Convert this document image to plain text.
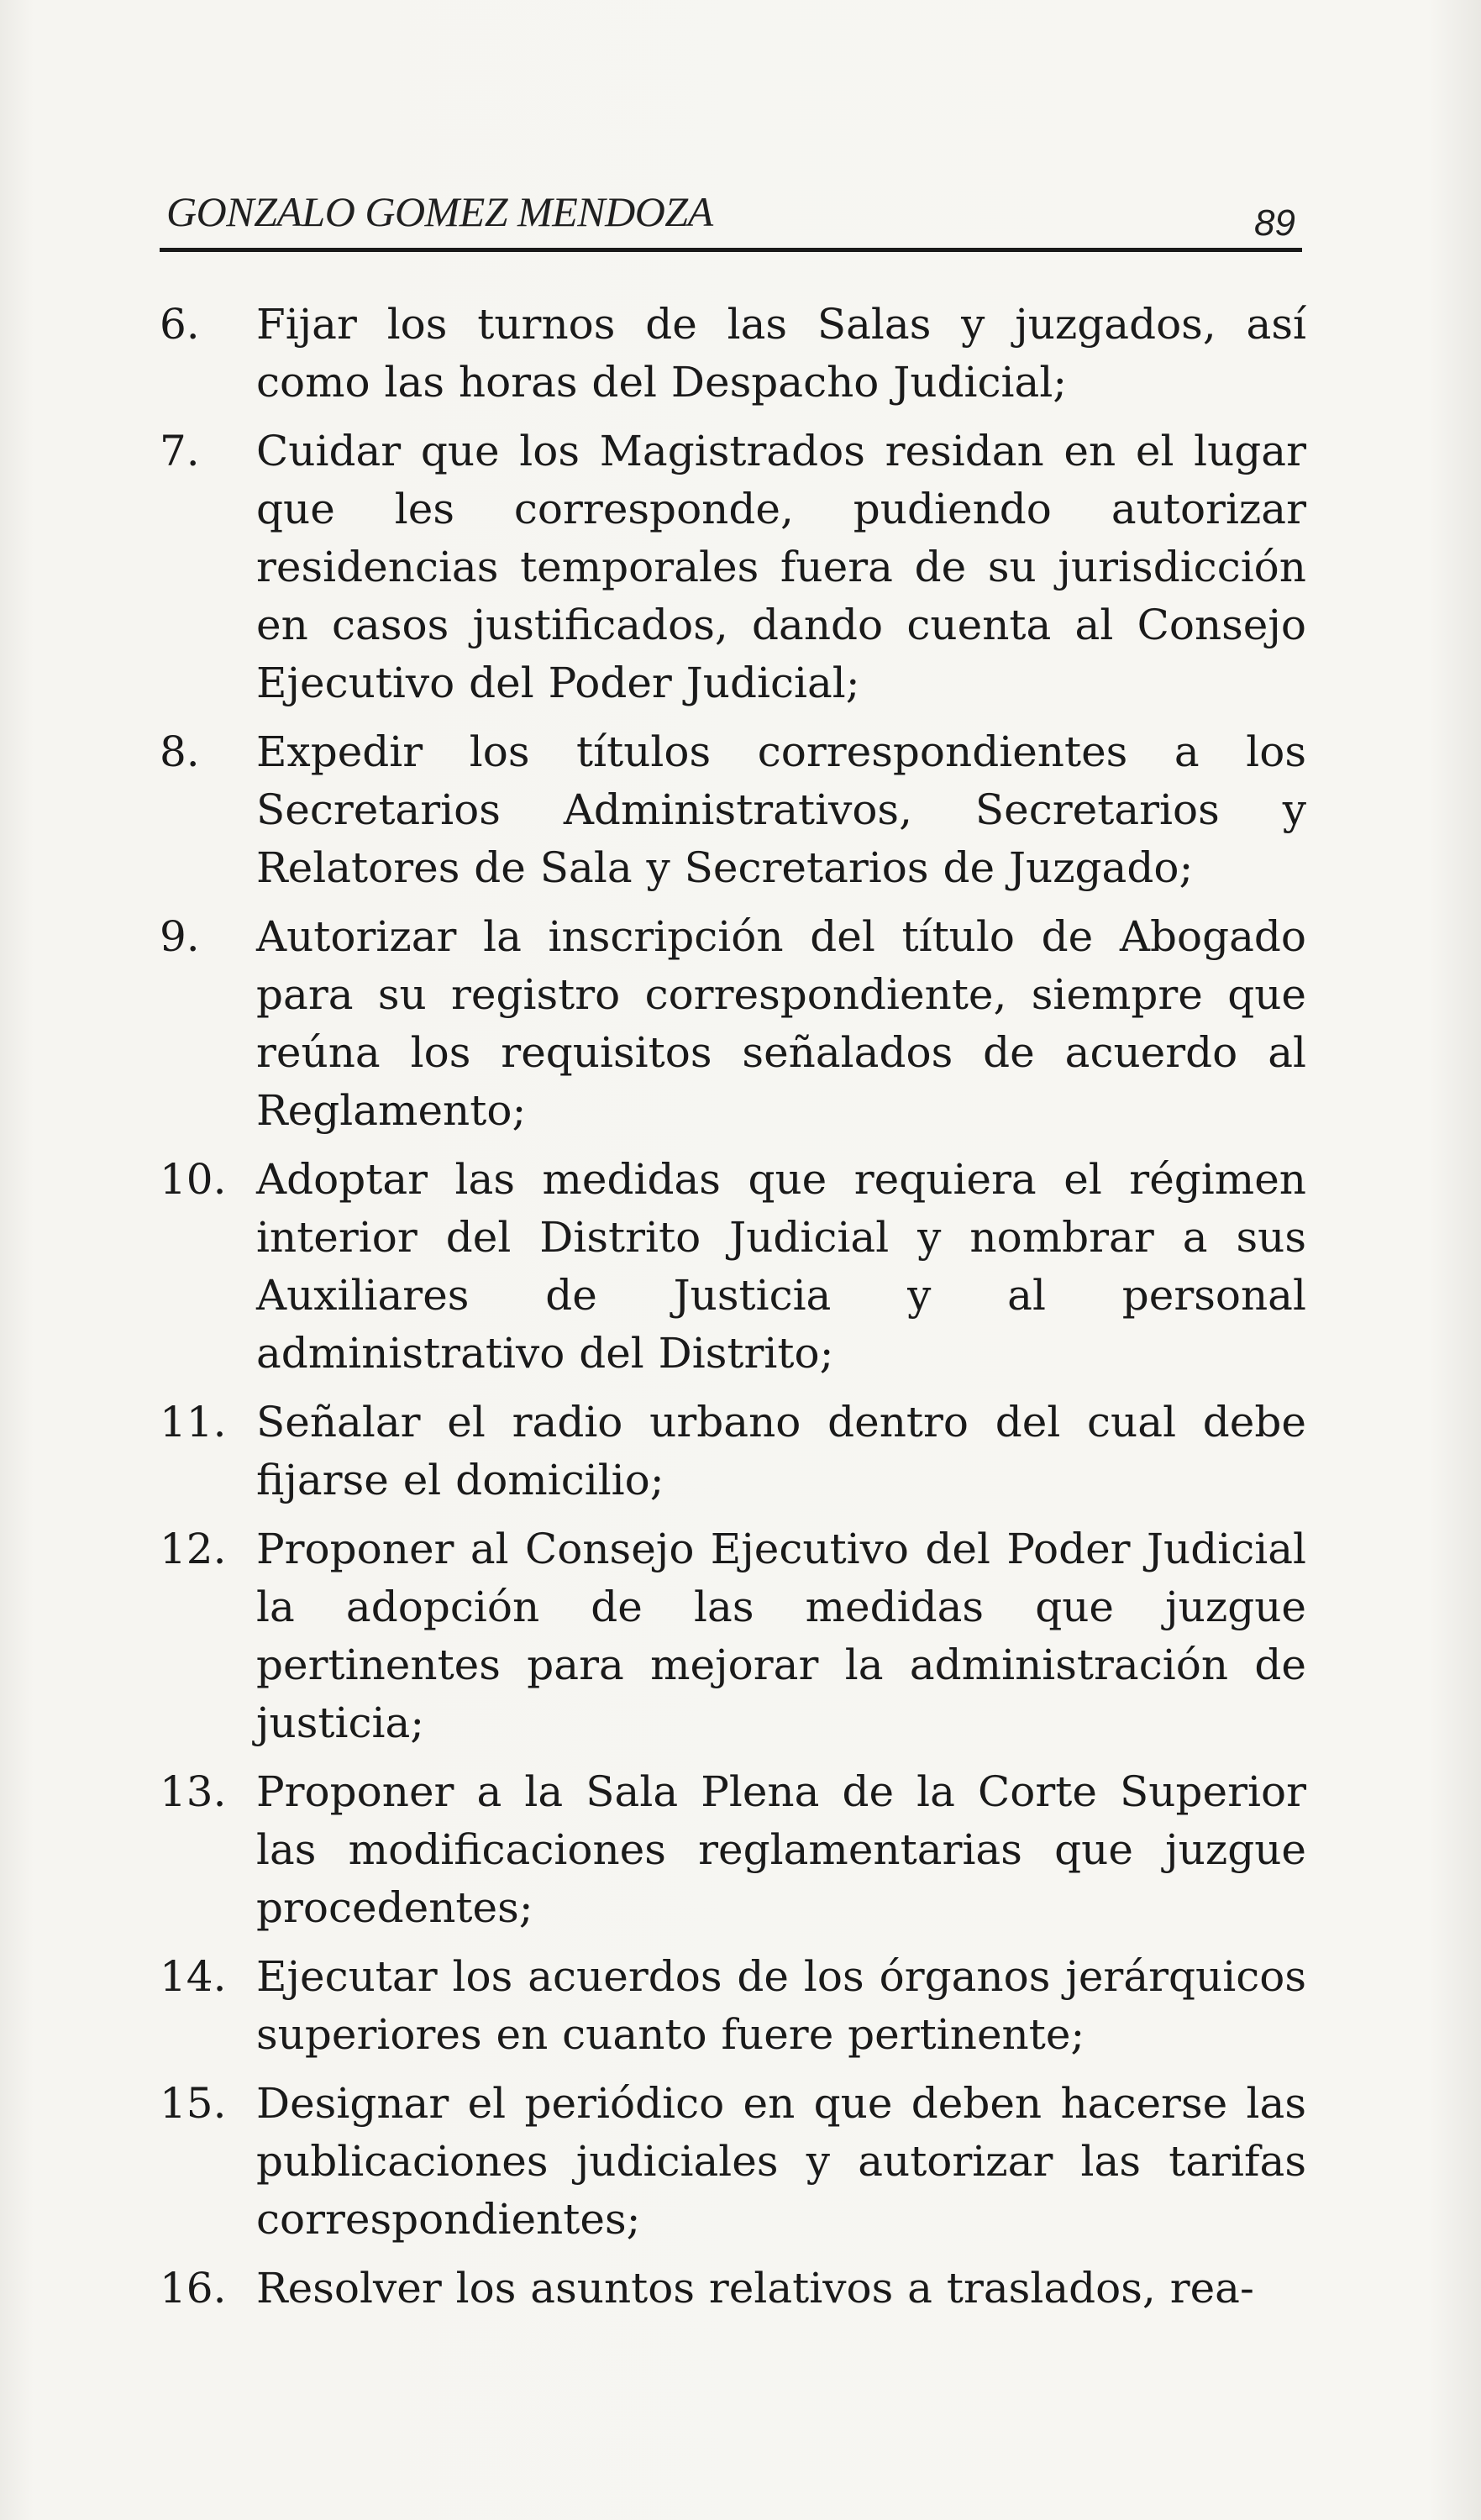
GONZALO GOMEZ MENDOZA	89
6. Fijar los turnos de las Salas y juzgados, así como las horas del Despacho Judicial;
7. Cuidar que los Magistrados residan en el lugar que les corresponde, pudiendo autorizar residencias temporales fuera de su jurisdicción en casos justificados, dando cuenta al Consejo Ejecutivo del Poder Judicial;
8. Expedir los títulos correspondientes a los Secretarios Administrativos, Secretarios y Relatores de Sala y Secretarios de Juzgado;
9. Autorizar la inscripción del título de Abogado para su registro correspondiente, siempre que reúna los requisitos señalados de acuerdo al Reglamento;
10. Adoptar las medidas que requiera el régimen interior del Distrito Judicial y nombrar a sus Auxiliares de Justicia y al personal administrativo del Distrito;
11. Señalar el radio urbano dentro del cual debe fijarse el domicilio;
12. Proponer al Consejo Ejecutivo del Poder Judicial la adopción de las medidas que juzgue pertinentes para mejorar la administración de justicia;
13. Proponer a la Sala Plena de la Corte Superior las modificaciones reglamentarias que juzgue procedentes;
14. Ejecutar los acuerdos de los órganos jerárquicos superiores en cuanto fuere pertinente;
15. Designar el periódico en que deben hacerse las publicaciones judiciales y autorizar las tarifas correspondientes;
16. Resolver los asuntos relativos a traslados, rea-
